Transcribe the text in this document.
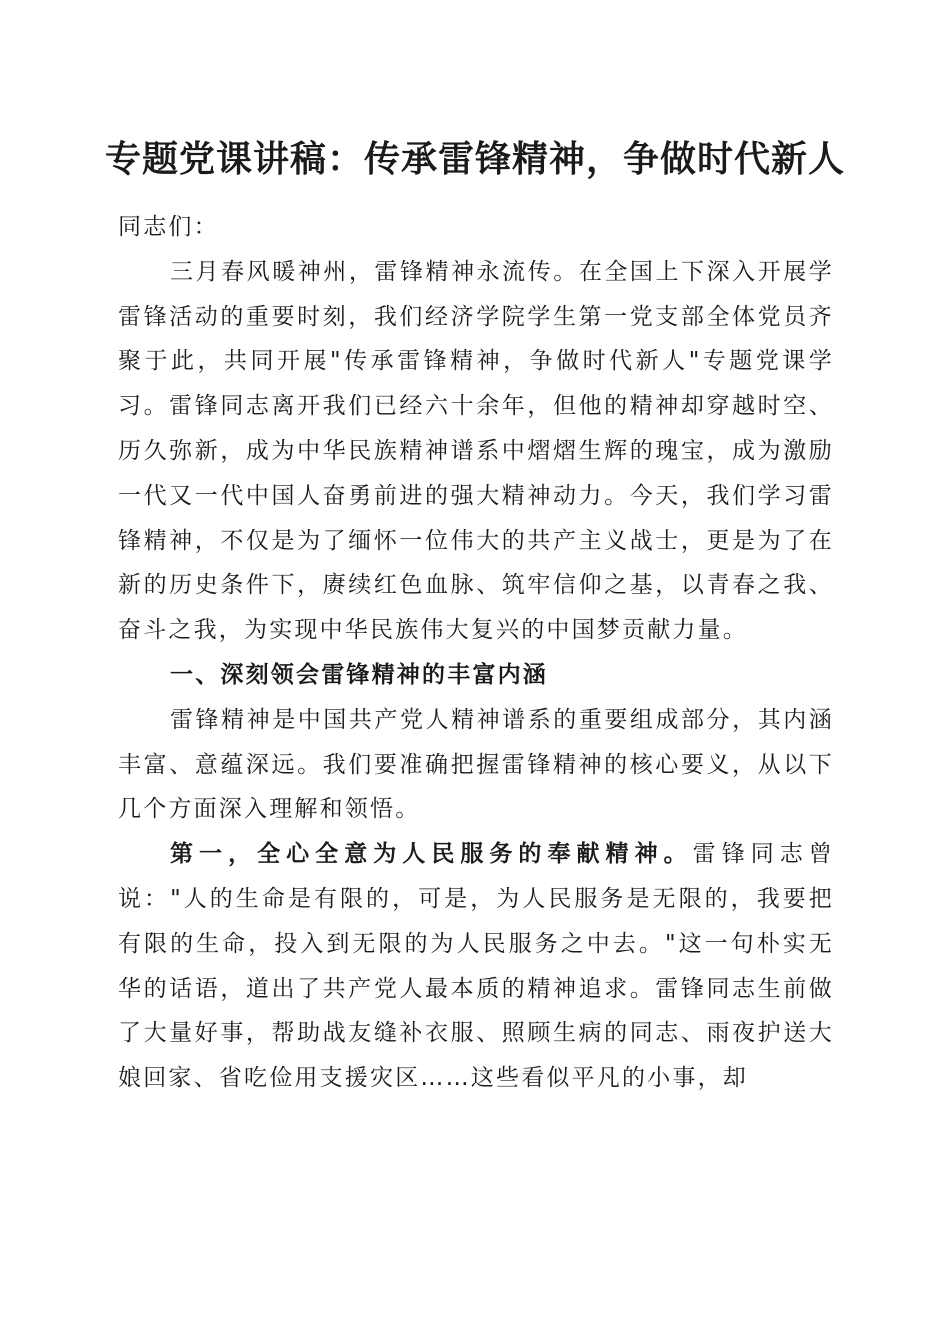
专题党课讲稿：传承雷锋精神，争做时代新人

同志们：

三月春风暖神州，雷锋精神永流传。在全国上下深入开展学雷锋活动的重要时刻，我们经济学院学生第一党支部全体党员齐聚于此，共同开展"传承雷锋精神，争做时代新人"专题党课学习。雷锋同志离开我们已经六十余年，但他的精神却穿越时空、历久弥新，成为中华民族精神谱系中熠熠生辉的瑰宝，成为激励一代又一代中国人奋勇前进的强大精神动力。今天，我们学习雷锋精神，不仅是为了缅怀一位伟大的共产主义战士，更是为了在新的历史条件下，赓续红色血脉、筑牢信仰之基，以青春之我、奋斗之我，为实现中华民族伟大复兴的中国梦贡献力量。

一、深刻领会雷锋精神的丰富内涵

雷锋精神是中国共产党人精神谱系的重要组成部分，其内涵丰富、意蕴深远。我们要准确把握雷锋精神的核心要义，从以下几个方面深入理解和领悟。

第一，全心全意为人民服务的奉献精神。雷锋同志曾说："人的生命是有限的，可是，为人民服务是无限的，我要把有限的生命，投入到无限的为人民服务之中去。"这一句朴实无华的话语，道出了共产党人最本质的精神追求。雷锋同志生前做了大量好事，帮助战友缝补衣服、照顾生病的同志、雨夜护送大娘回家、省吃俭用支援灾区……这些看似平凡的小事，却
